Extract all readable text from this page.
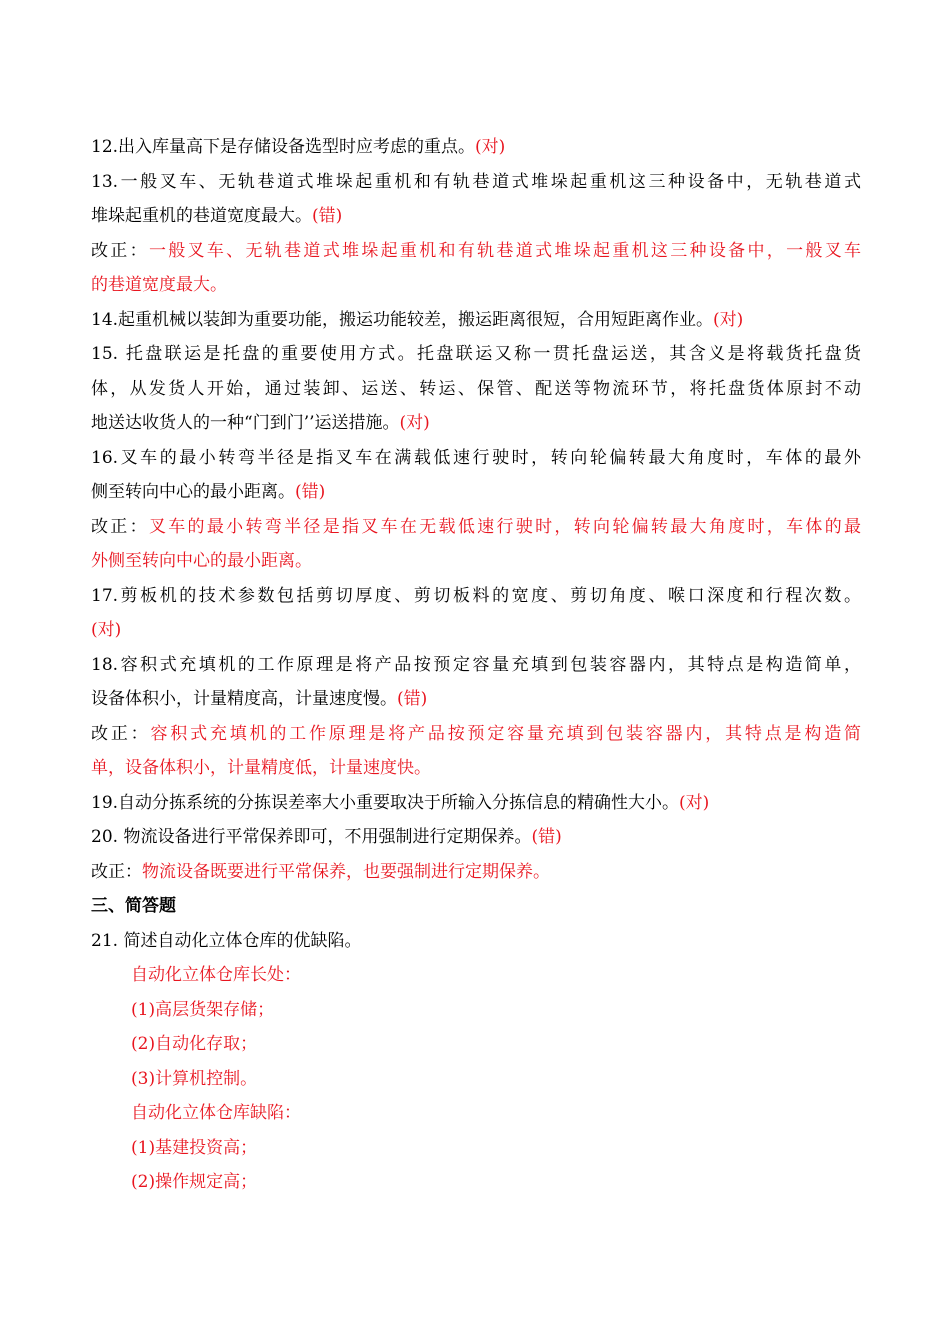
12.出入库量高下是存储设备选型时应考虑的重点。(对)
13.一般叉车、无轨巷道式堆垛起重机和有轨巷道式堆垛起重机这三种设备中，无轨巷道式
堆垛起重机的巷道宽度最大。(错)
改正：一般叉车、无轨巷道式堆垛起重机和有轨巷道式堆垛起重机这三种设备中，一般叉车
的巷道宽度最大。
14.起重机械以装卸为重要功能，搬运功能较差，搬运距离很短，合用短距离作业。(对)
15. 托盘联运是托盘的重要使用方式。托盘联运又称一贯托盘运送，其含义是将载货托盘货
体，从发货人开始，通过装卸、运送、转运、保管、配送等物流环节，将托盘货体原封不动
地送达收货人的一种“门到门’’运送措施。(对)
16.叉车的最小转弯半径是指叉车在满载低速行驶时，转向轮偏转最大角度时，车体的最外
侧至转向中心的最小距离。(错)
改正：叉车的最小转弯半径是指叉车在无载低速行驶时，转向轮偏转最大角度时，车体的最
外侧至转向中心的最小距离。
17.剪板机的技术参数包括剪切厚度、剪切板料的宽度、剪切角度、喉口深度和行程次数。
(对)
18.容积式充填机的工作原理是将产品按预定容量充填到包装容器内，其特点是构造简单，
设备体积小，计量精度高，计量速度慢。(错)
改正：容积式充填机的工作原理是将产品按预定容量充填到包装容器内，其特点是构造简
单，设备体积小，计量精度低，计量速度快。
19.自动分拣系统的分拣误差率大小重要取决于所输入分拣信息的精确性大小。(对)
20. 物流设备进行平常保养即可，不用强制进行定期保养。(错)
改正：物流设备既要进行平常保养，也要强制进行定期保养。
三、简答题
21. 简述自动化立体仓库的优缺陷。
自动化立体仓库长处：
(1)高层货架存储；
(2)自动化存取；
(3)计算机控制。
自动化立体仓库缺陷：
(1)基建投资高；
(2)操作规定高；
